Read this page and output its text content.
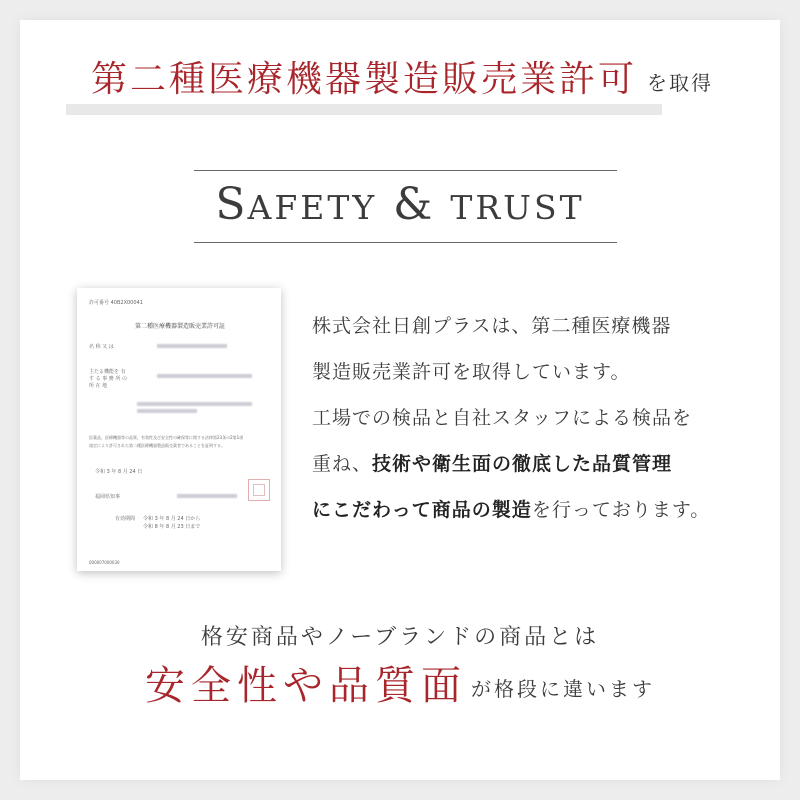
第二種医療機器製造販売業許可 を取得
SAFETY & TRUST
許可番号 40B2X00041
第二種医療機器製造販売業許可証
名 称 又 は
主たる機能を 有 す る 事 務 所 の 所 在 地
医薬品、医療機器等の品質、有効性及び安全性の確保等に関する法律第23条の2第1項
規定により許可された第二種医療機器製造販売業者であることを証明する。
令和 3 年 8 月 24 日
福岡県知事
有効期間 令和 3 年 8 月 24 日から
令和 8 年 8 月 23 日まで
000007000030
株式会社日創プラスは、第二種医療機器
製造販売業許可を取得しています。
工場での検品と自社スタッフによる検品を
重ね、技術や衛生面の徹底した品質管理
にこだわって商品の製造を行っております。
格安商品やノーブランドの商品とは
安全性や品質面 が格段に違います
